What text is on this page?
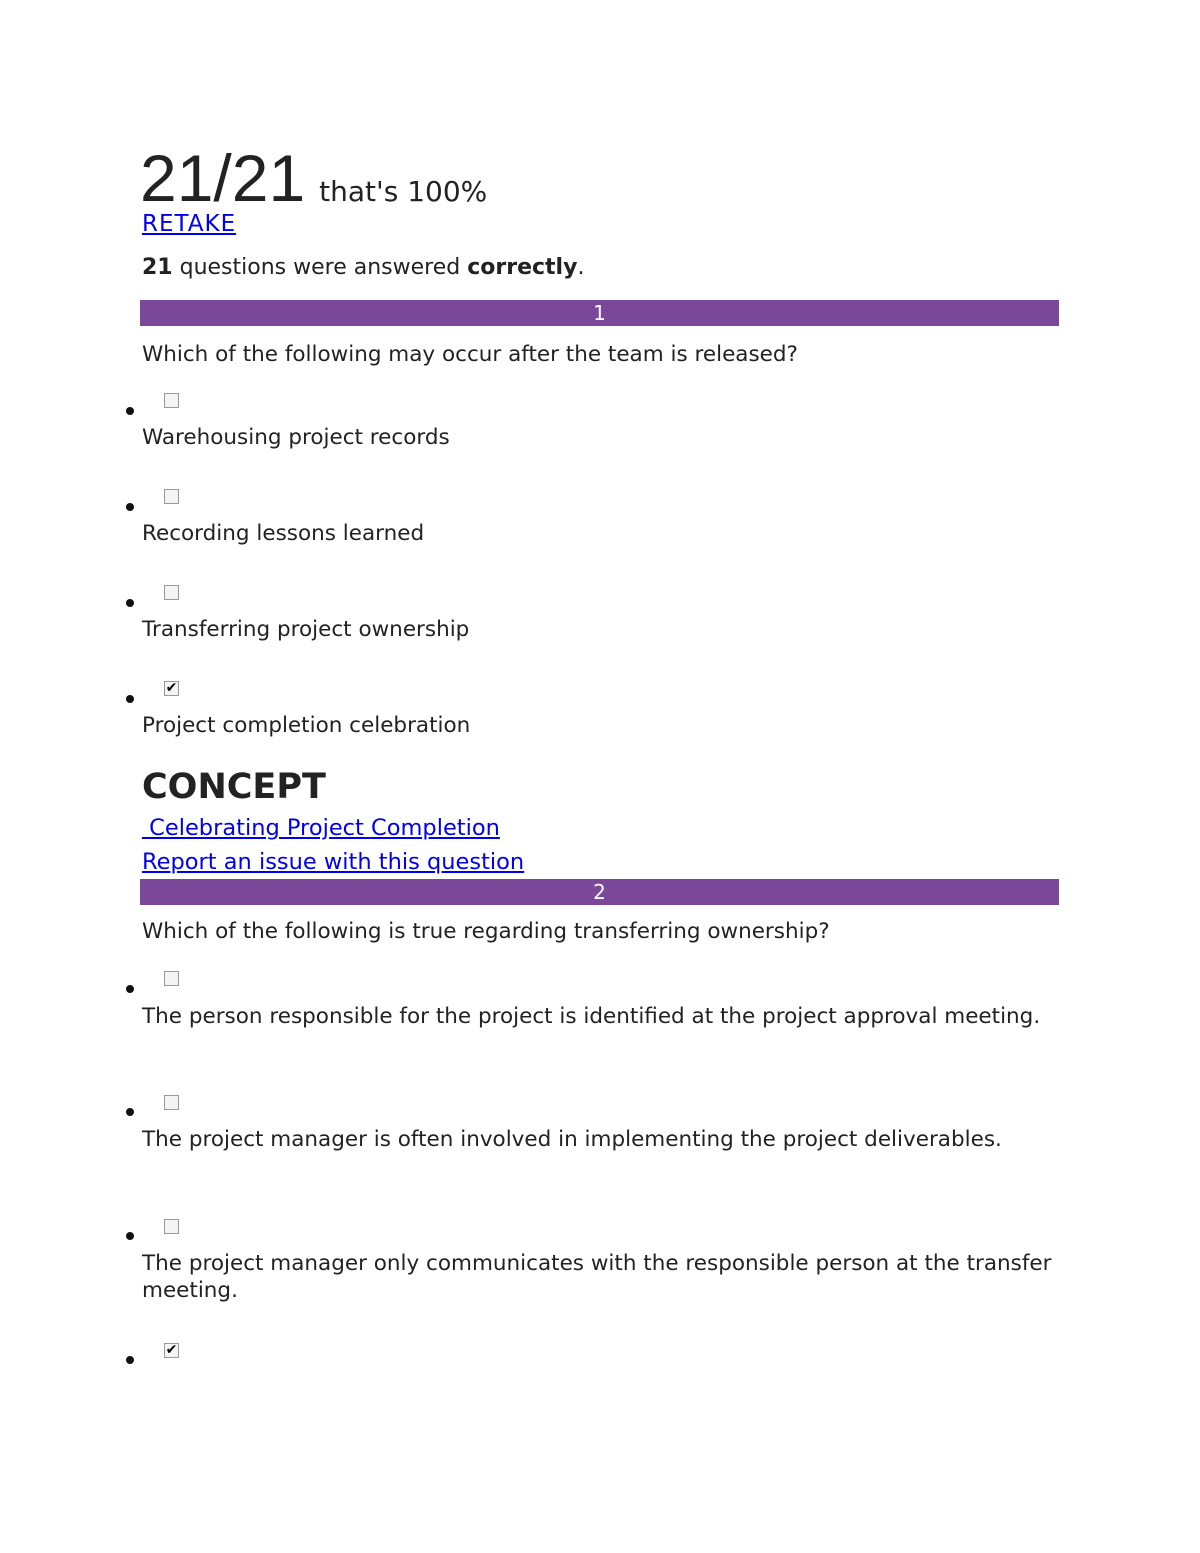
21/21 that's 100%
RETAKE
21 questions were answered correctly.
1
Which of the following may occur after the team is released?
Warehousing project records
Recording lessons learned
Transferring project ownership
✔
Project completion celebration
CONCEPT
Celebrating Project Completion
Report an issue with this question
2
Which of the following is true regarding transferring ownership?
The person responsible for the project is identified at the project approval meeting.
The project manager is often involved in implementing the project deliverables.
The project manager only communicates with the responsible person at the transfer meeting.
✔
